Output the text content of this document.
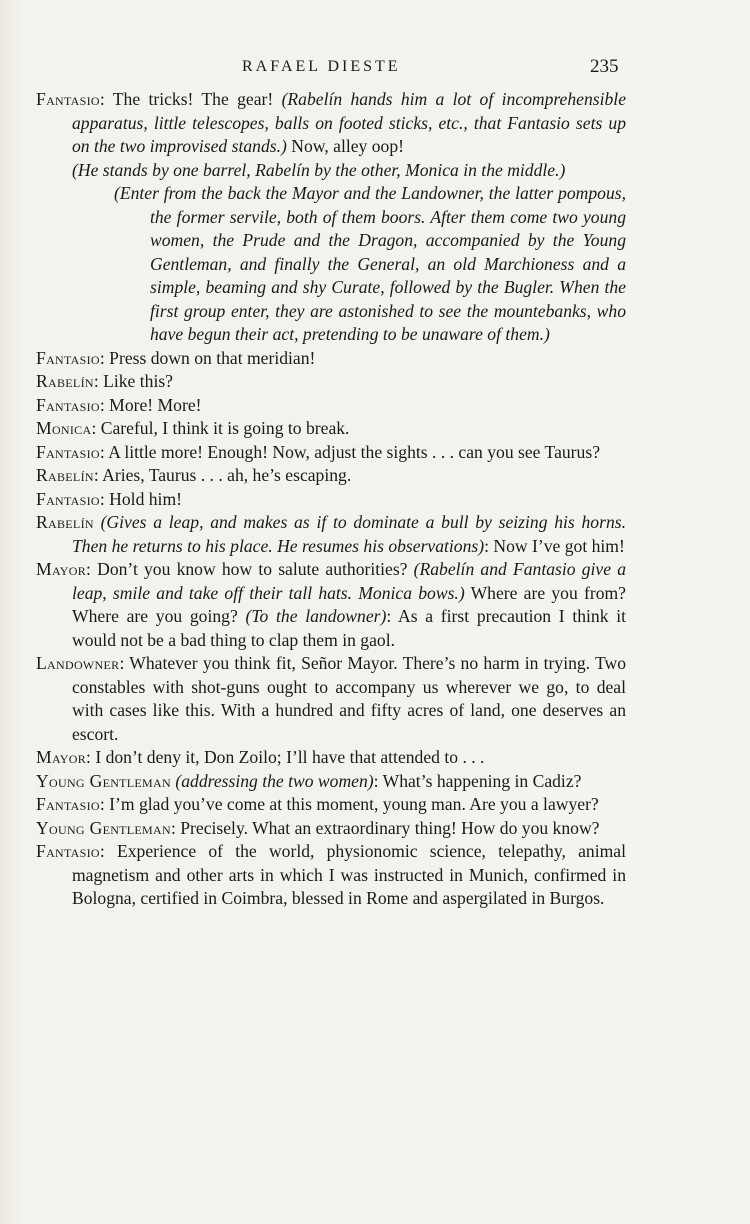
RAFAEL DIESTE	235

Fantasio: The tricks! The gear! (Rabelín hands him a lot of incomprehensible apparatus, little telescopes, balls on footed sticks, etc., that Fantasio sets up on the two improvised stands.) Now, alley oop!

(He stands by one barrel, Rabelín by the other, Monica in the middle.)

(Enter from the back the Mayor and the Landowner, the latter pompous, the former servile, both of them boors. After them come two young women, the Prude and the Dragon, accompanied by the Young Gentleman, and finally the General, an old Marchioness and a simple, beaming and shy Curate, followed by the Bugler. When the first group enter, they are astonished to see the mountebanks, who have begun their act, pretending to be unaware of them.)

Fantasio: Press down on that meridian!

Rabelín: Like this?

Fantasio: More! More!

Monica: Careful, I think it is going to break.

Fantasio: A little more! Enough! Now, adjust the sights . . . can you see Taurus?

Rabelín: Aries, Taurus . . . ah, he’s escaping.

Fantasio: Hold him!

Rabelín (Gives a leap, and makes as if to dominate a bull by seizing his horns. Then he returns to his place. He resumes his observations): Now I’ve got him!

Mayor: Don’t you know how to salute authorities? (Rabelín and Fantasio give a leap, smile and take off their tall hats. Monica bows.) Where are you from? Where are you going? (To the landowner): As a first precaution I think it would not be a bad thing to clap them in gaol.

Landowner: Whatever you think fit, Señor Mayor. There’s no harm in trying. Two constables with shot-guns ought to accompany us wherever we go, to deal with cases like this. With a hundred and fifty acres of land, one deserves an escort.

Mayor: I don’t deny it, Don Zoilo; I’ll have that attended to . . .

Young Gentleman (addressing the two women): What’s happening in Cadiz?

Fantasio: I’m glad you’ve come at this moment, young man. Are you a lawyer?

Young Gentleman: Precisely. What an extraordinary thing! How do you know?

Fantasio: Experience of the world, physionomic science, telepathy, animal magnetism and other arts in which I was instructed in Munich, confirmed in Bologna, certified in Coimbra, blessed in Rome and aspergilated in Burgos.
